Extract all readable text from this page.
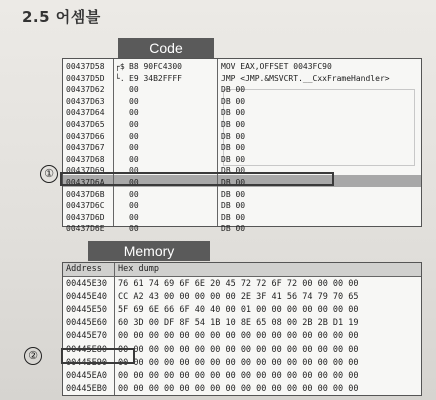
2.5 어셈블
Code
00437D58 ┌$ B8 90FC4300	MOV EAX,OFFSET 0043FC90
00437D5D └. E9 34B2FFFF	JMP <JMP.&MSVCRT.__CxxFrameHandler>
00437D62	00	DB 00
00437D63	00	DB 00
00437D64	00	DB 00
00437D65	00	DB 00
00437D66	00	DB 00
00437D67	00	DB 00
00437D68	00	DB 00
00437D69	00	DB 00
00437D6A	00	DB 00
00437D6B	00	DB 00
00437D6C	00	DB 00
00437D6D	00	DB 00
00437D6E	00	DB 00
①
Memory
Address Hex dump
00445E30 76 61 74 69 6F 6E 20 45 72 72 6F 72 00 00 00 00
00445E40 CC A2 43 00 00 00 00 00 2E 3F 41 56 74 79 70 65
00445E50 5F 69 6E 66 6F 40 40 00 01 00 00 00 00 00 00 00
00445E60 60 3D 00 DF 8F 54 1B 10 8E 65 08 00 2B 2B D1 19
00445E70 00 00 00 00 00 00 00 00 00 00 00 00 00 00 00 00
00445E80 00 00 00 00 00 00 00 00 00 00 00 00 00 00 00 00
00445E90 00 00 00 00 00 00 00 00 00 00 00 00 00 00 00 00
00445EA0 00 00 00 00 00 00 00 00 00 00 00 00 00 00 00 00
00445EB0 00 00 00 00 00 00 00 00 00 00 00 00 00 00 00 00
②
